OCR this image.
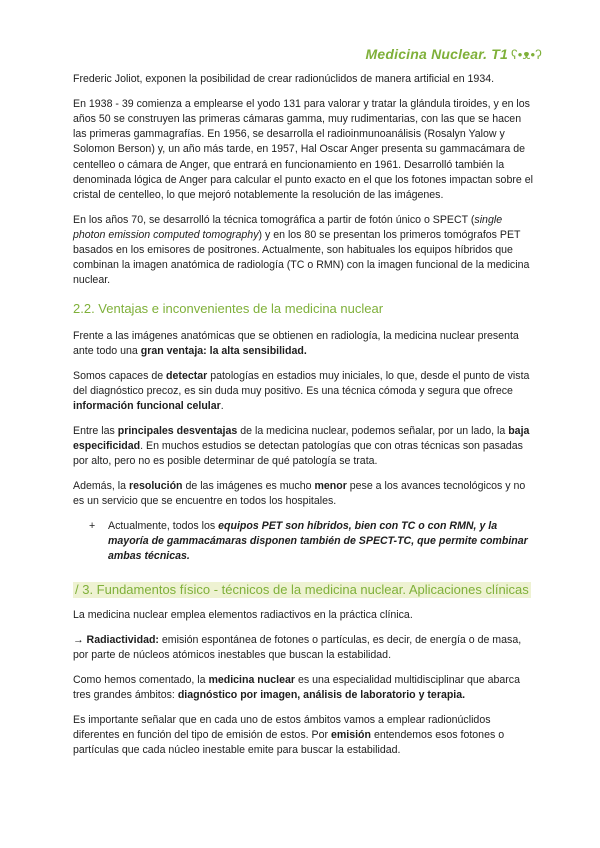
Medicina Nuclear. T1 ʕ•ᴥ•ʔ

Frederic Joliot, exponen la posibilidad de crear radionúclidos de manera artificial en 1934.

En 1938 - 39 comienza a emplearse el yodo 131 para valorar y tratar la glándula tiroides, y en los años 50 se construyen las primeras cámaras gamma, muy rudimentarias, con las que se hacen las primeras gammagrafías. En 1956, se desarrolla el radioinmunoanálisis (Rosalyn Yalow y Solomon Berson) y, un año más tarde, en 1957, Hal Oscar Anger presenta su gammacámara de centelleo o cámara de Anger, que entrará en funcionamiento en 1961. Desarrolló también la denominada lógica de Anger para calcular el punto exacto en el que los fotones impactan sobre el cristal de centelleo, lo que mejoró notablemente la resolución de las imágenes.

En los años 70, se desarrolló la técnica tomográfica a partir de fotón único o SPECT (single photon emission computed tomography) y en los 80 se presentan los primeros tomógrafos PET basados en los emisores de positrones. Actualmente, son habituales los equipos híbridos que combinan la imagen anatómica de radiología (TC o RMN) con la imagen funcional de la medicina nuclear.

2.2. Ventajas e inconvenientes de la medicina nuclear

Frente a las imágenes anatómicas que se obtienen en radiología, la medicina nuclear presenta ante todo una gran ventaja: la alta sensibilidad.

Somos capaces de detectar patologías en estadios muy iniciales, lo que, desde el punto de vista del diagnóstico precoz, es sin duda muy positivo. Es una técnica cómoda y segura que ofrece información funcional celular.

Entre las principales desventajas de la medicina nuclear, podemos señalar, por un lado, la baja especificidad. En muchos estudios se detectan patologías que con otras técnicas son pasadas por alto, pero no es posible determinar de qué patología se trata.

Además, la resolución de las imágenes es mucho menor pese a los avances tecnológicos y no es un servicio que se encuentre en todos los hospitales.

+	Actualmente, todos los equipos PET son híbridos, bien con TC o con RMN, y la mayoría de gammacámaras disponen también de SPECT-TC, que permite combinar ambas técnicas.
/ 3. Fundamentos físico - técnicos de la medicina nuclear. Aplicaciones clínicas

La medicina nuclear emplea elementos radiactivos en la práctica clínica.

→ Radiactividad: emisión espontánea de fotones o partículas, es decir, de energía o de masa, por parte de núcleos atómicos inestables que buscan la estabilidad.

Como hemos comentado, la medicina nuclear es una especialidad multidisciplinar que abarca tres grandes ámbitos: diagnóstico por imagen, análisis de laboratorio y terapia.

Es importante señalar que en cada uno de estos ámbitos vamos a emplear radionúclidos diferentes en función del tipo de emisión de estos. Por emisión entendemos esos fotones o partículas que cada núcleo inestable emite para buscar la estabilidad.
